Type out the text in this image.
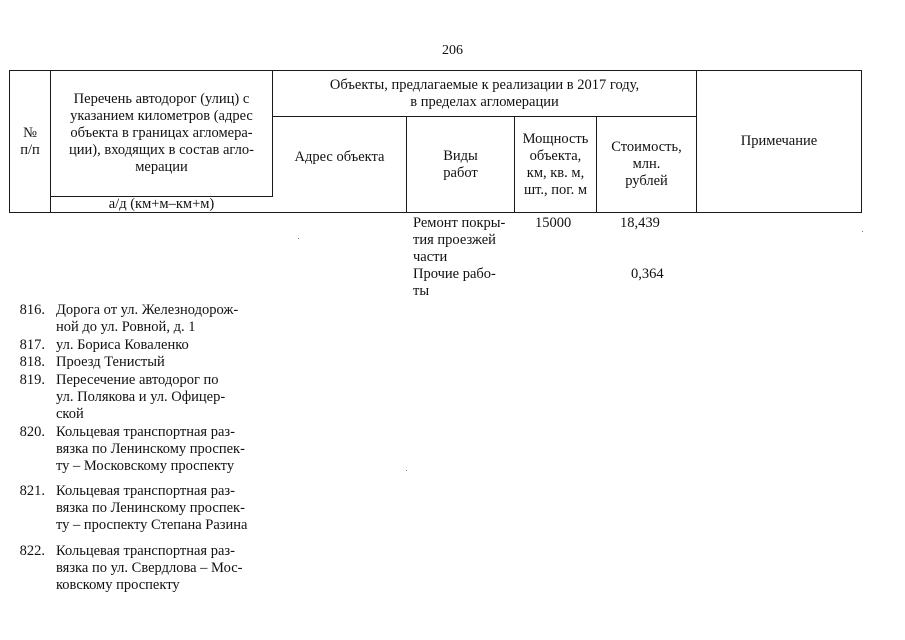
206
№
п/п
Перечень автодорог (улиц) с
указанием километров (адрес
объекта в границах агломера-
ции), входящих в состав агло-
мерации
а/д (км+м–км+м)
Объекты, предлагаемые к реализации в 2017 году,
в пределах агломерации
Адрес объекта	Виды
работ
Мощность
объекта,
км, кв. м,
шт., пог. м
Стоимость,
млн.
рублей
Примечание
Ремонт покры-
тия проезжей
части
15000	18,439
Прочие рабо-
ты
0,364
816. Дорога от ул. Железнодорож-
ной до ул. Ровной, д. 1
817. ул. Бориса Коваленко
818. Проезд Тенистый
819. Пересечение автодорог по
ул. Полякова и ул. Офицер-
ской
820. Кольцевая транспортная раз-
вязка по Ленинскому проспек-
ту – Московскому проспекту
821. Кольцевая транспортная раз-
вязка по Ленинскому проспек-
ту – проспекту Степана Разина
822. Кольцевая транспортная раз-
вязка по ул. Свердлова – Мос-
ковскому проспекту
